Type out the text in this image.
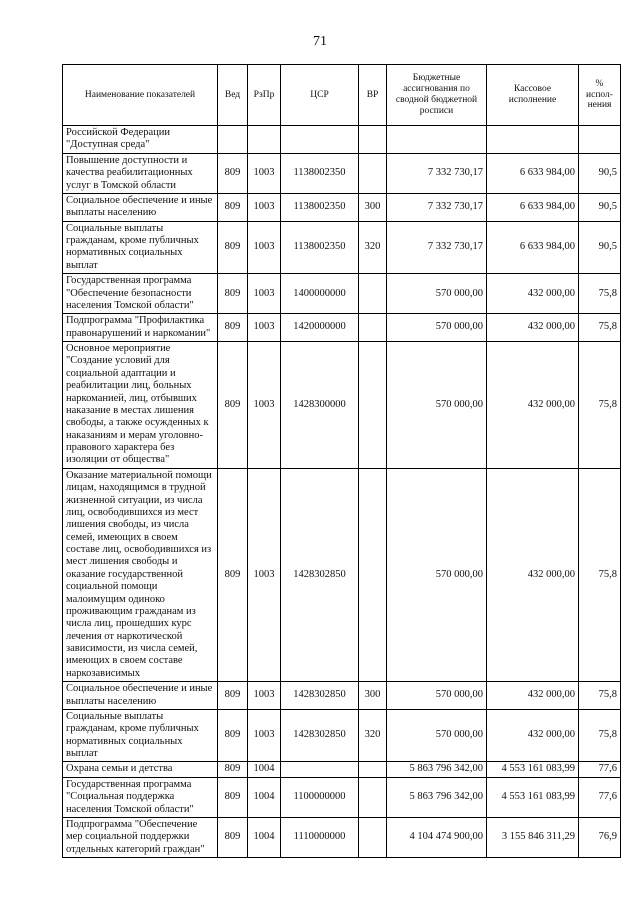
71
Наименование показателей	Вед	РзПр	ЦСР	ВР	Бюджетные ассигнования по сводной бюджетной росписи	Кассовое исполнение	% испол-нения
Российской Федерации "Доступная среда"							
Повышение доступности и качества реабилитационных услуг в Томской области	809	1003	1138002350		7 332 730,17	6 633 984,00	90,5
Социальное обеспечение и иные выплаты населению	809	1003	1138002350	300	7 332 730,17	6 633 984,00	90,5
Социальные выплаты гражданам, кроме публичных нормативных социальных выплат	809	1003	1138002350	320	7 332 730,17	6 633 984,00	90,5
Государственная программа "Обеспечение безопасности населения Томской области"	809	1003	1400000000		570 000,00	432 000,00	75,8
Подпрограмма "Профилактика правонарушений и наркомании"	809	1003	1420000000		570 000,00	432 000,00	75,8
Основное мероприятие "Создание условий для социальной адаптации и реабилитации лиц, больных наркоманией, лиц, отбывших наказание в местах лишения свободы, а также осужденных к наказаниям и мерам уголовно-правового характера без изоляции от общества"	809	1003	1428300000		570 000,00	432 000,00	75,8
Оказание материальной помощи лицам, находящимся в трудной жизненной ситуации, из числа лиц, освободившихся из мест лишения свободы, из числа семей, имеющих в своем составе лиц, освободившихся из мест лишения свободы и оказание государственной социальной помощи малоимущим одиноко проживающим гражданам из числа лиц, прошедших курс лечения от наркотической зависимости, из числа семей, имеющих в своем составе наркозависимых	809	1003	1428302850		570 000,00	432 000,00	75,8
Социальное обеспечение и иные выплаты населению	809	1003	1428302850	300	570 000,00	432 000,00	75,8
Социальные выплаты гражданам, кроме публичных нормативных социальных выплат	809	1003	1428302850	320	570 000,00	432 000,00	75,8
Охрана семьи и детства	809	1004			5 863 796 342,00	4 553 161 083,99	77,6
Государственная программа "Социальная поддержка населения Томской области"	809	1004	1100000000		5 863 796 342,00	4 553 161 083,99	77,6
Подпрограмма "Обеспечение мер социальной поддержки отдельных категорий граждан"	809	1004	1110000000		4 104 474 900,00	3 155 846 311,29	76,9
